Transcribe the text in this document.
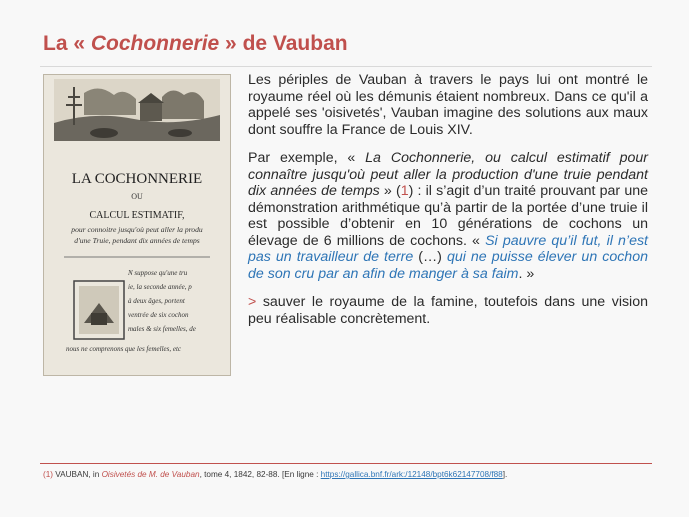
La « Cochonnerie » de Vauban
LA COCHONNERIE
OU
CALCUL ESTIMATIF,
pour connoitre jusqu'où peut aller la produ
d'une Truie, pendant dix années de temps
N suppose qu'une tru
ie, la seconde année, p
à deux âges, portent
ventrée de six cochon
males & six femelles, de
nous ne comprenons que les femelles, etc

Les périples de Vauban à travers le pays lui ont montré le royaume réel où les démunis étaient nombreux. Dans ce qu'il a appelé ses 'oisivetés', Vauban imagine des solutions aux maux dont souffre la France de Louis XIV.

Par exemple, « La Cochonnerie, ou calcul estimatif pour connaître jusqu'où peut aller la production d'une truie pendant dix années de temps » (1) : il s’agit d’un traité prouvant par une démonstration arithmétique qu’à partir de la portée d’une truie il est possible d’obtenir en 10 générations de cochons un élevage de 6 millions de cochons. « Si pauvre qu’il fut, il n’est pas un travailleur de terre (…) qui ne puisse élever un cochon de son cru par an afin de manger à sa faim. »

> sauver le royaume de la famine, toutefois dans une vision peu réalisable concrètement.

(1) VAUBAN, in Oisivetés de M. de Vauban, tome 4, 1842, 82-88. [En ligne : https://gallica.bnf.fr/ark:/12148/bpt6k62147708/f88].
